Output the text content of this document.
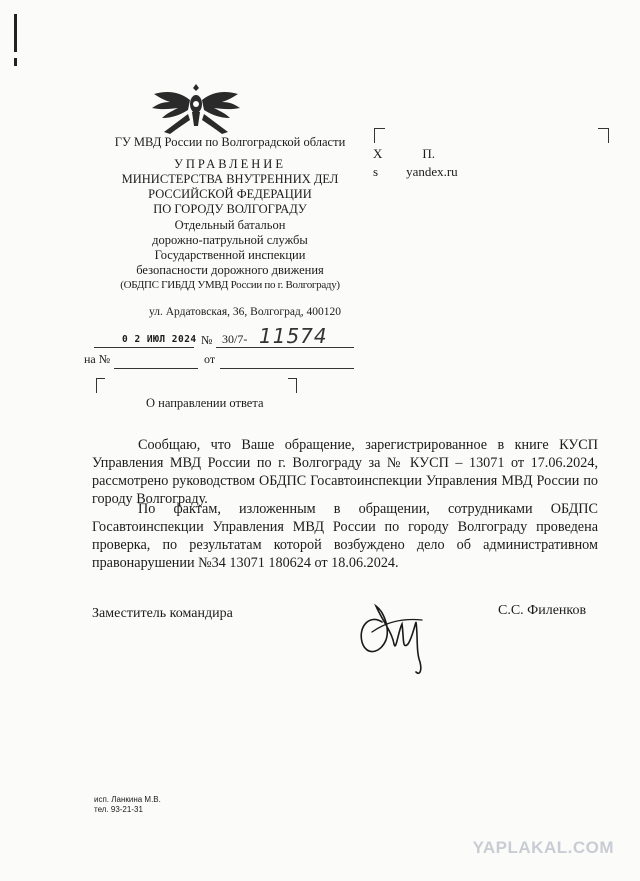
ГУ МВД России по Волгоградской области
УПРАВЛЕНИЕ
МИНИСТЕРСТВА ВНУТРЕННИХ ДЕЛ
РОССИЙСКОЙ ФЕДЕРАЦИИ
ПО ГОРОДУ ВОЛГОГРАДУ
Отдельный батальон
дорожно-патрульной службы
Государственной инспекции
безопасности дорожного движения
(ОБДПС ГИБДД УМВД России по г. Волгограду)
ул. Ардатовская, 36, Волгоград, 400120
0 2 ИЮЛ 2024 № 30/7- 11574
на №	от
Х	П.
s yandex.ru
О направлении ответа
Сообщаю, что Ваше обращение, зарегистрированное в книге КУСП Управления МВД России по г. Волгограду за № КУСП – 13071 от 17.06.2024, рассмотрено руководством ОБДПС Госавтоинспекции Управления МВД России по городу Волгограду.
По фактам, изложенным в обращении, сотрудниками ОБДПС Госавтоинспекции Управления МВД России по городу Волгограду проведена проверка, по результатам которой возбуждено дело об административном правонарушении №34 13071 180624 от 18.06.2024.
Заместитель командира	С.С. Филенков
исп. Ланкина М.В.
тел. 93-21-31
YAPLAKAL.COM
